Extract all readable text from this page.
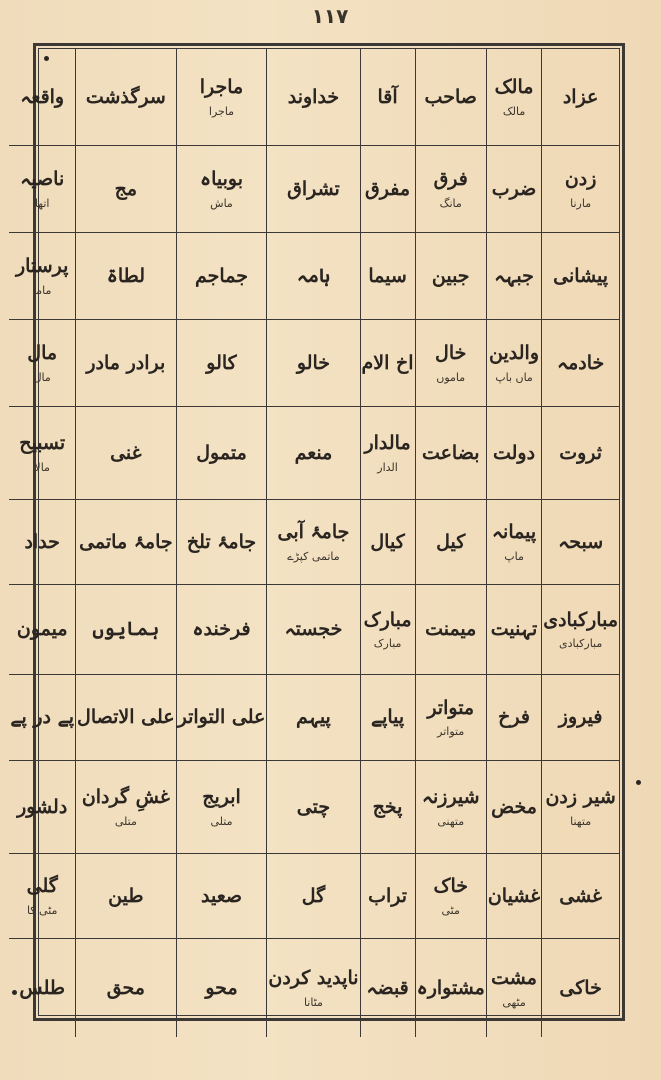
۱۱۷
عزاد
مالک
مالک
صاحب
آقا
خداوند
ماجرا
ماجرا
سرگذشت
واقعہ
زدن
مارنا
ضرب
فرق
مانگ
مفرق
تشراق
بوبیاہ
ماش
مج
ناصیہ
اتھا
پیشانی
جبہہ
جبین
سیما
ہامہ
جماجم
لطاۃ
پرستار
ماما
خادمہ
والدین
ماں باپ
خال
ماموں
اخ الام
خالو
کالو
برادر مادر
مال
مال
ثروت
دولت
بضاعت
مالدار
الدار
منعم
متمول
غنی
تسبیح
مالا
سبحہ
پیمانہ
ماپ
کیل
کیال
جامۂ آبی
ماتمی کپڑے
جامۂ تلخ
جامۂ ماتمی
حداد
مبارکبادی
مبارکبادی
تہنیت
میمنت
مبارک
مبارک
خجستہ
فرخندہ
ہمایوں
میمون
فیروز
فرخ
متواتر
متواتر
پیاپے
پیہم
علی التواتر
علی الاتصال
پے در پے
شیر زدن
متھنا
مخض
شیرزنہ
متھنی
پخج
چتی
ابریج
متلی
غشِ گردان
متلی
دلشور
غشی
غشیان
خاک
مٹی
تراب
گل
صعید
طین
گلی
مٹی کا
خاکی
مشت
مٹھی
مشتوارہ
قبضہ
ناپدید کردن
مٹانا
محو
محق
طلس
